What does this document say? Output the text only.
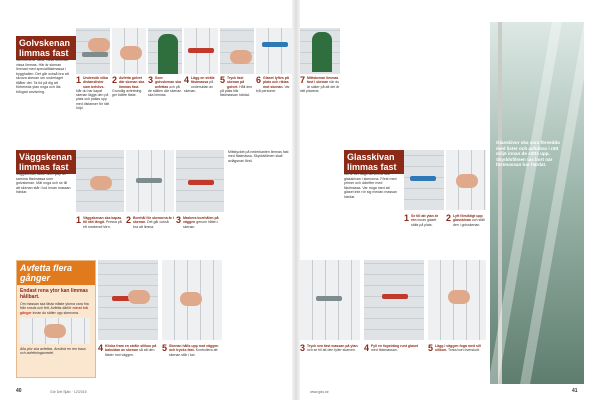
Golvskenan limmas fast
Skenorna är olika, vissa skruvas, vissa limmas. Här är skenan limmad med specialfästmassa i bygghallen. Det går också bra att skruva skenan om underlaget tillåter det. Ta tid på dig att förbereda ytan noga och läs bifogad anvisning.
1 Undersök vilka distanslister som behövs. Når du har kapat skenan läggs den på plats och pallas upp med distanser för rätt höjd.
2 Avfetta golvet där skenan ska limmas fast. Grundlig avfettning ger bättre fäste.
3 Som golvskenan ska avfettas och på de ställen där skenan ska limmas.
4 Lägg en stråle fästmassa på undersidan av skenan.
5 Tryck fast skenan på golvet. Håll den på plats tills fästmassan härdat.
6 Glaset lyftes på plats och riktas mot skenan. Var två personer.
Väggskenan limmas fast
Väggskenan fästs med hjälp av samma fästmassa som golvskenan. Mät noga och se till att skenan står i lod innan massan härdar.
1 Väggskenan ska kapas till rätt längd. Pressa på ett markerat hörn.
2 Borrhål för skenorna är i skenan. Det går också bra att limma.
3 Markera borrhålen på väggen genom hålen i skenan.
Mittstycket på nederkanten limmas fast med fästmassa. Skyddsfilmen skall avlägsnas först.
Avfetta flera gånger
Endast rena ytor kan limmas hållbart.
Om massan ska fästa måste ytorna vara fria från smuts och fett. Avfetta därför minst två gånger innan du sätter upp skenorna.
Alla ytor ska avfettas. Använd en ren trasa och avfettningsmedel.
4 Klicka fram en stråle silikon på baksidan av skenan så att den fäster mot väggen.
5 Skenan hålls upp mot väggen och trycks fast. Kontrollera att skenan står i lod.
40	Gör Det Själv · 12/2015
7 Mittskenan limmas fast i skenan när du är säker på att det är rätt placerat.
Glasskivor ska vara försedda med lister och avfuktas i rätt miljö innan de sätts upp. Skyddsfilmen tas bort när fästmassan har härdat.
Glasskivan limmas fast
Nu är det dags att limma fast glasskivan i skenorna. Först med primer och därefter med fästmassa. Var noga med att glaset inte rör sig medan massan härdar.
1 Se till att ytan är ren innan glaset sätts på plats.
2 Lyft försiktigt upp glasskivan och ställ den i golvskenan.
3 Tryck sen fast massan på ytan och se till att den fyller skarven. 4 Fyll en fogsträng runt glaset med fästmassan.	5 Lägg i väggen foga med sill silikon. Torka bort överskott.
www.gds.se	41
